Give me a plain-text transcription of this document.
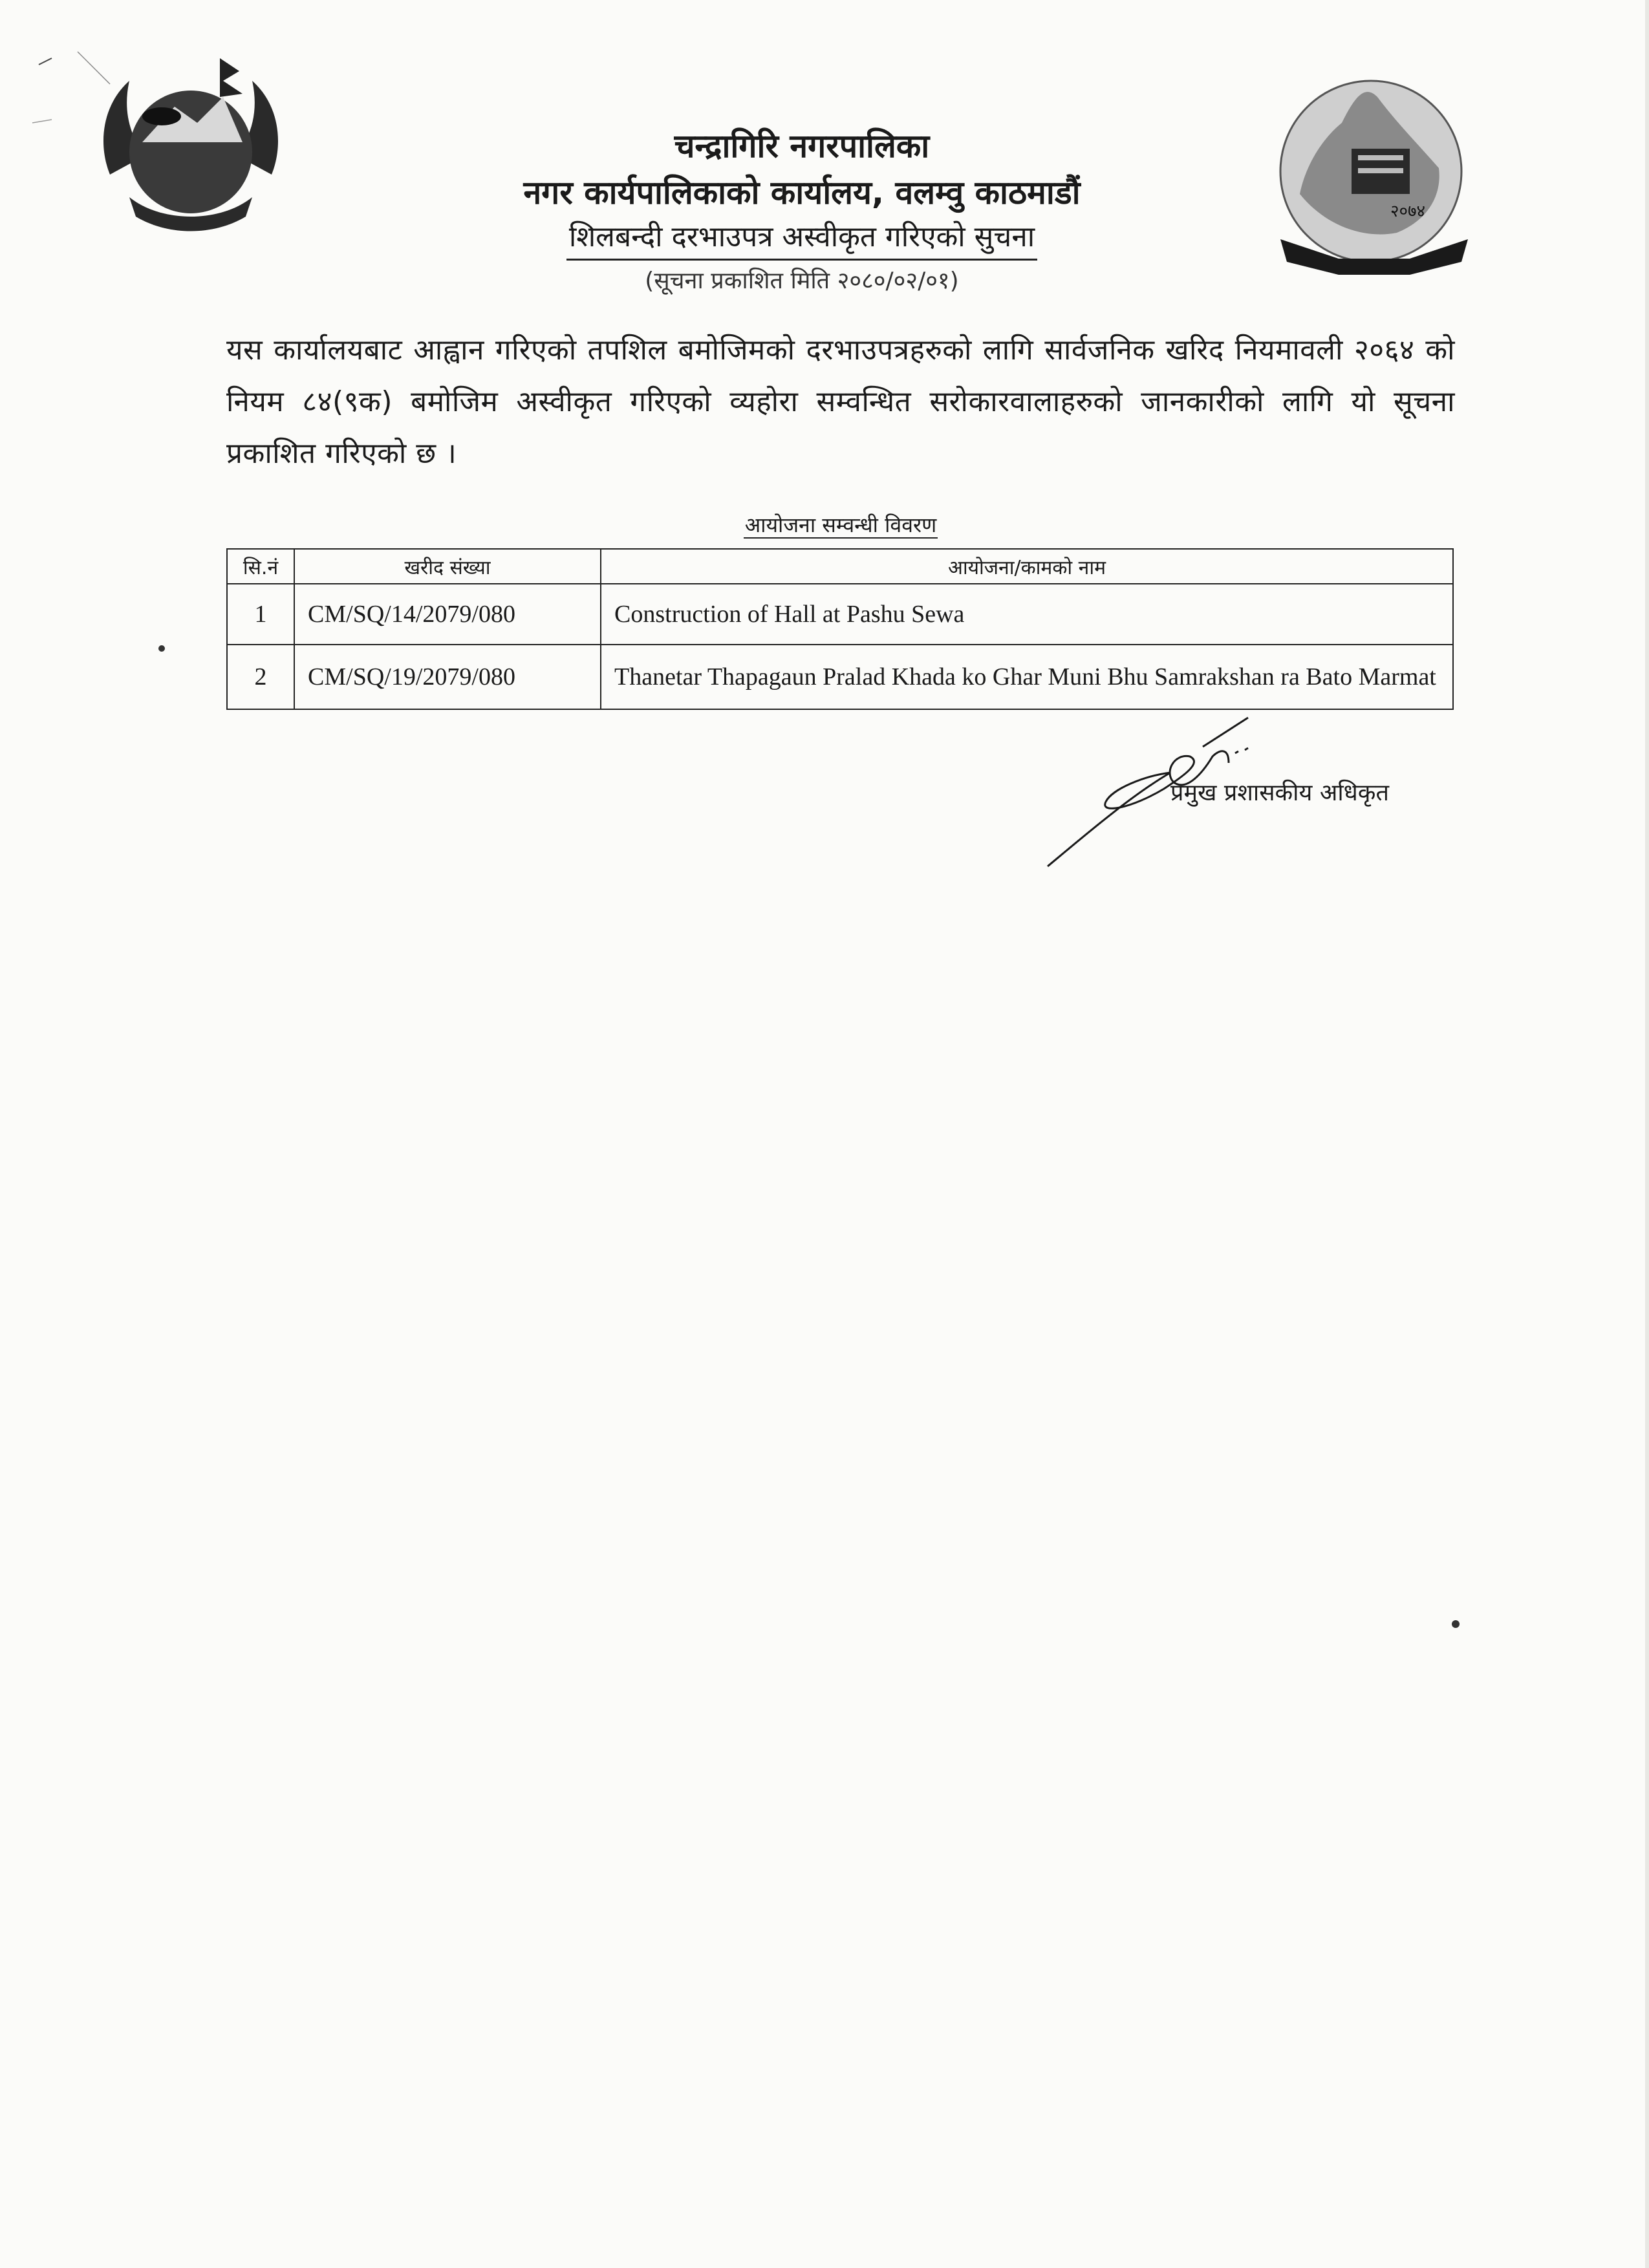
२०७४
चन्द्रागिरि नगरपालिका
नगर कार्यपालिकाको कार्यालय, वलम्वु काठमाडौं
शिलबन्दी दरभाउपत्र अस्वीकृत गरिएको सुचना
(सूचना प्रकाशित मिति २०८०/०२/०१)
यस कार्यालयबाट आह्वान गरिएको तपशिल बमोजिमको दरभाउपत्रहरुको लागि सार्वजनिक खरिद नियमावली २०६४ को नियम ८४(९क) बमोजिम अस्वीकृत गरिएको व्यहोरा सम्वन्धित सरोकारवालाहरुको जानकारीको लागि यो सूचना प्रकाशित गरिएको छ ।
आयोजना सम्वन्धी विवरण
सि.नं	खरीद संख्या	आयोजना/कामको नाम
1	CM/SQ/14/2079/080	Construction of Hall at Pashu Sewa
2	CM/SQ/19/2079/080	Thanetar Thapagaun Pralad Khada ko Ghar Muni Bhu Samrakshan ra Bato Marmat
प्रमुख प्रशासकीय अधिकृत
